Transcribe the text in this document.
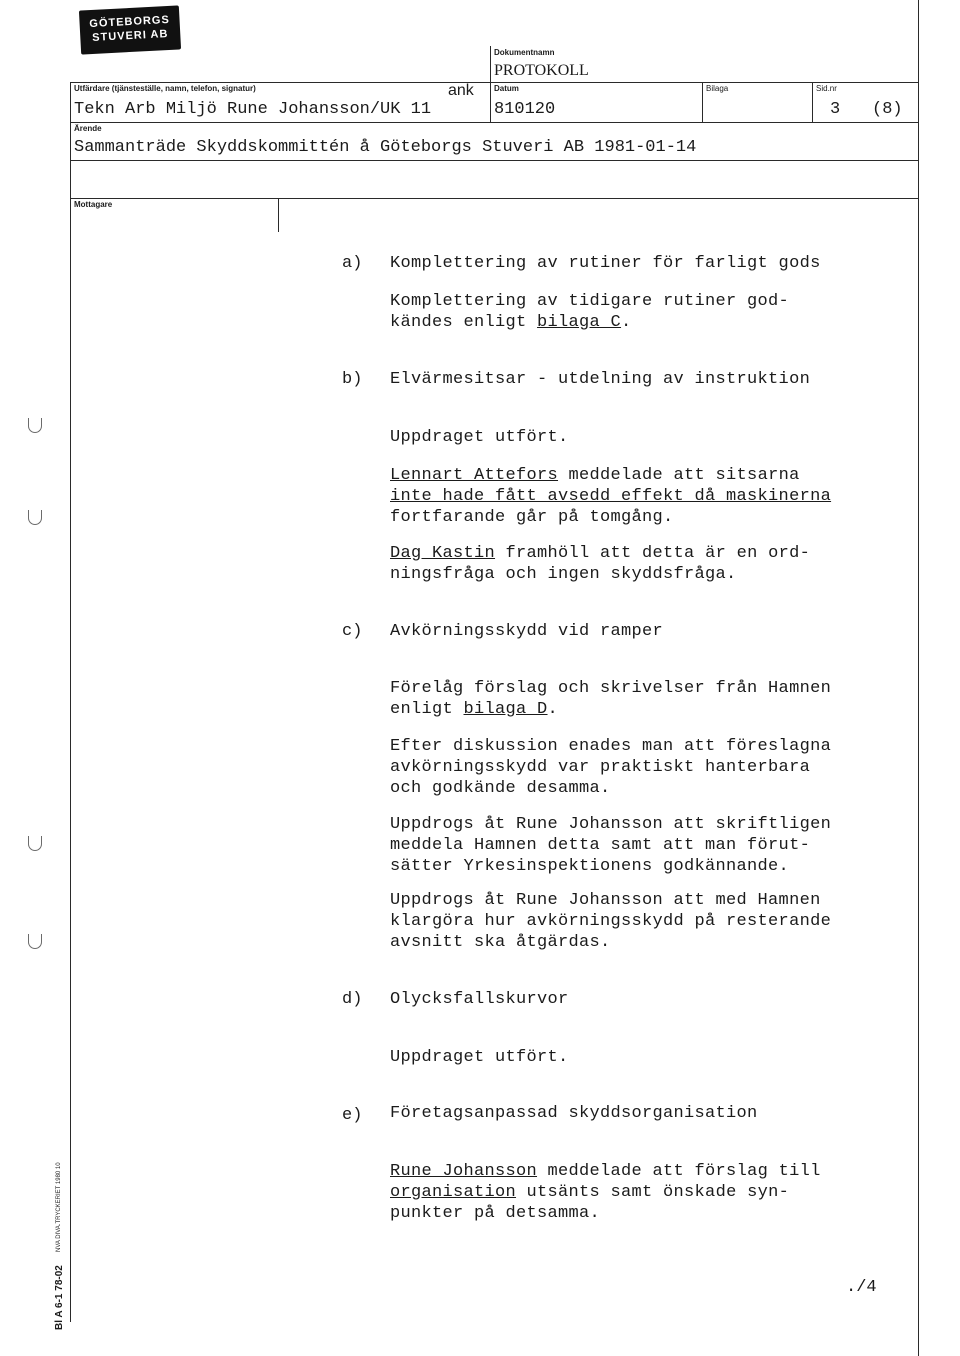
GÖTEBORGS
STUVERI AB
Dokumentnamn
PROTOKOLL
Utfärdare (tjänsteställe, namn, telefon, signatur)	ank
Tekn Arb Miljö Rune Johansson/UK 11
Datum
810120
Bilaga	Sid.nr
3 (8)
Ärende
Sammanträde Skyddskommittén å Göteborgs Stuveri AB 1981-01-14
Mottagare
a) Komplettering av rutiner för farligt gods
Komplettering av tidigare rutiner god-
kändes enligt bilaga C.
b) Elvärmesitsar - utdelning av instruktion
Uppdraget utfört.
Lennart Attefors meddelade att sitsarna
inte hade fått avsedd effekt då maskinerna
fortfarande går på tomgång.
Dag Kastin framhöll att detta är en ord-
ningsfråga och ingen skyddsfråga.
c) Avkörningsskydd vid ramper
Förelåg förslag och skrivelser från Hamnen
enligt bilaga D.
Efter diskussion enades man att föreslagna
avkörningsskydd var praktiskt hanterbara
och godkände desamma.
Uppdrogs åt Rune Johansson att skriftligen
meddela Hamnen detta samt att man förut-
sätter Yrkesinspektionens godkännande.
Uppdrogs åt Rune Johansson att med Hamnen
klargöra hur avkörningsskydd på resterande
avsnitt ska åtgärdas.
d) Olycksfallskurvor
Uppdraget utfört.
e) Företagsanpassad skyddsorganisation
Rune Johansson meddelade att förslag till
organisation utsänts samt önskade syn-
punkter på detsamma.
./4
Bl A 6-1 78-02
NVA DIVA.TRYCKERIET 1980 10
